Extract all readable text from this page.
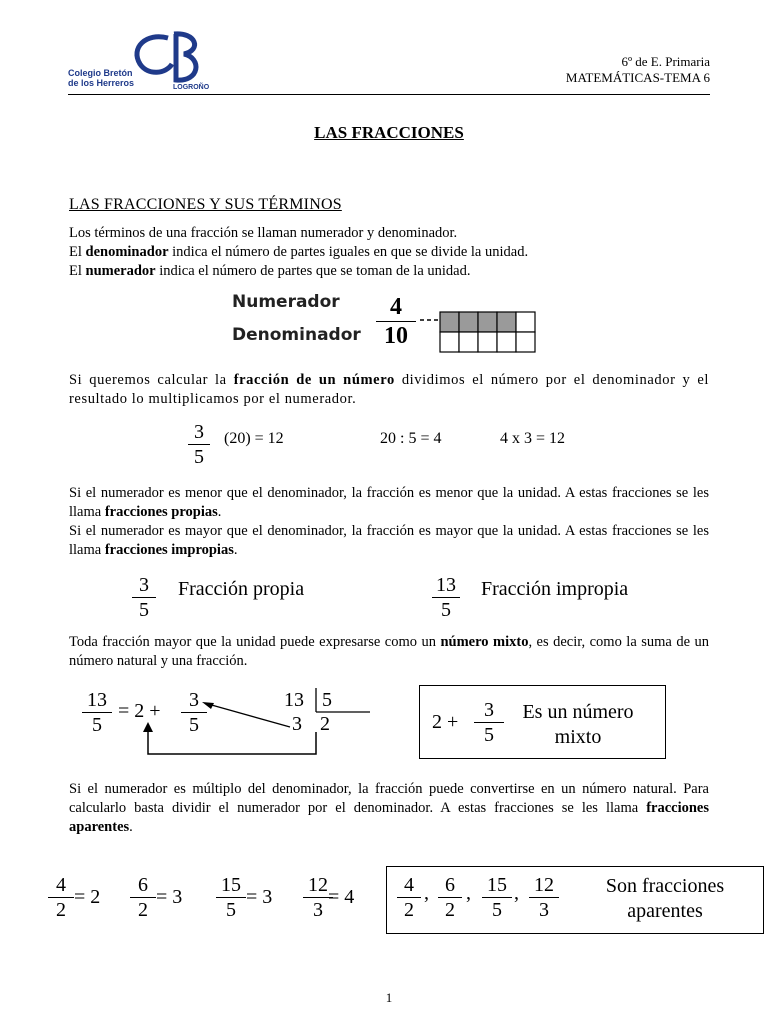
Colegio Bretón
de los Herreros	LOGROÑO
6º de E. Primaria
MATEMÁTICAS-TEMA 6
LAS FRACCIONES
LAS FRACCIONES Y SUS TÉRMINOS
Los términos de una fracción se llaman numerador y denominador.
El denominador indica el número de partes iguales en que se divide la unidad.
El numerador indica el número de partes que se toman de la unidad.
Numerador
Denominador
4
10
Si queremos calcular la fracción de un número dividimos el número por el denominador y el resultado lo multiplicamos por el numerador.
3
5
(20) = 12	20 : 5 = 4	4 x 3 = 12
Si el numerador es menor que el denominador, la fracción es menor que la unidad. A estas fracciones se les llama fracciones propias.
Si el numerador es mayor que el denominador, la fracción es mayor que la unidad. A estas fracciones se les llama fracciones impropias.
3
5
Fracción propia	13
5
Fracción impropia
Toda fracción mayor que la unidad puede expresarse como un número mixto, es decir, como la suma de un número natural y una fracción.
13
5
= 2 +	3
5
13 5
3 2	2 +
3
5
Es un número
mixto
Si el numerador es múltiplo del denominador, la fracción puede convertirse en un número natural. Para calcularlo basta dividir el numerador por el denominador. A estas fracciones se les llama fracciones aparentes.
4
2
= 2
6
2
= 3
15
5
= 3
12
3
= 4
4
2
, 6
2
, 15
5
, 12
3
Son fracciones
aparentes
1
